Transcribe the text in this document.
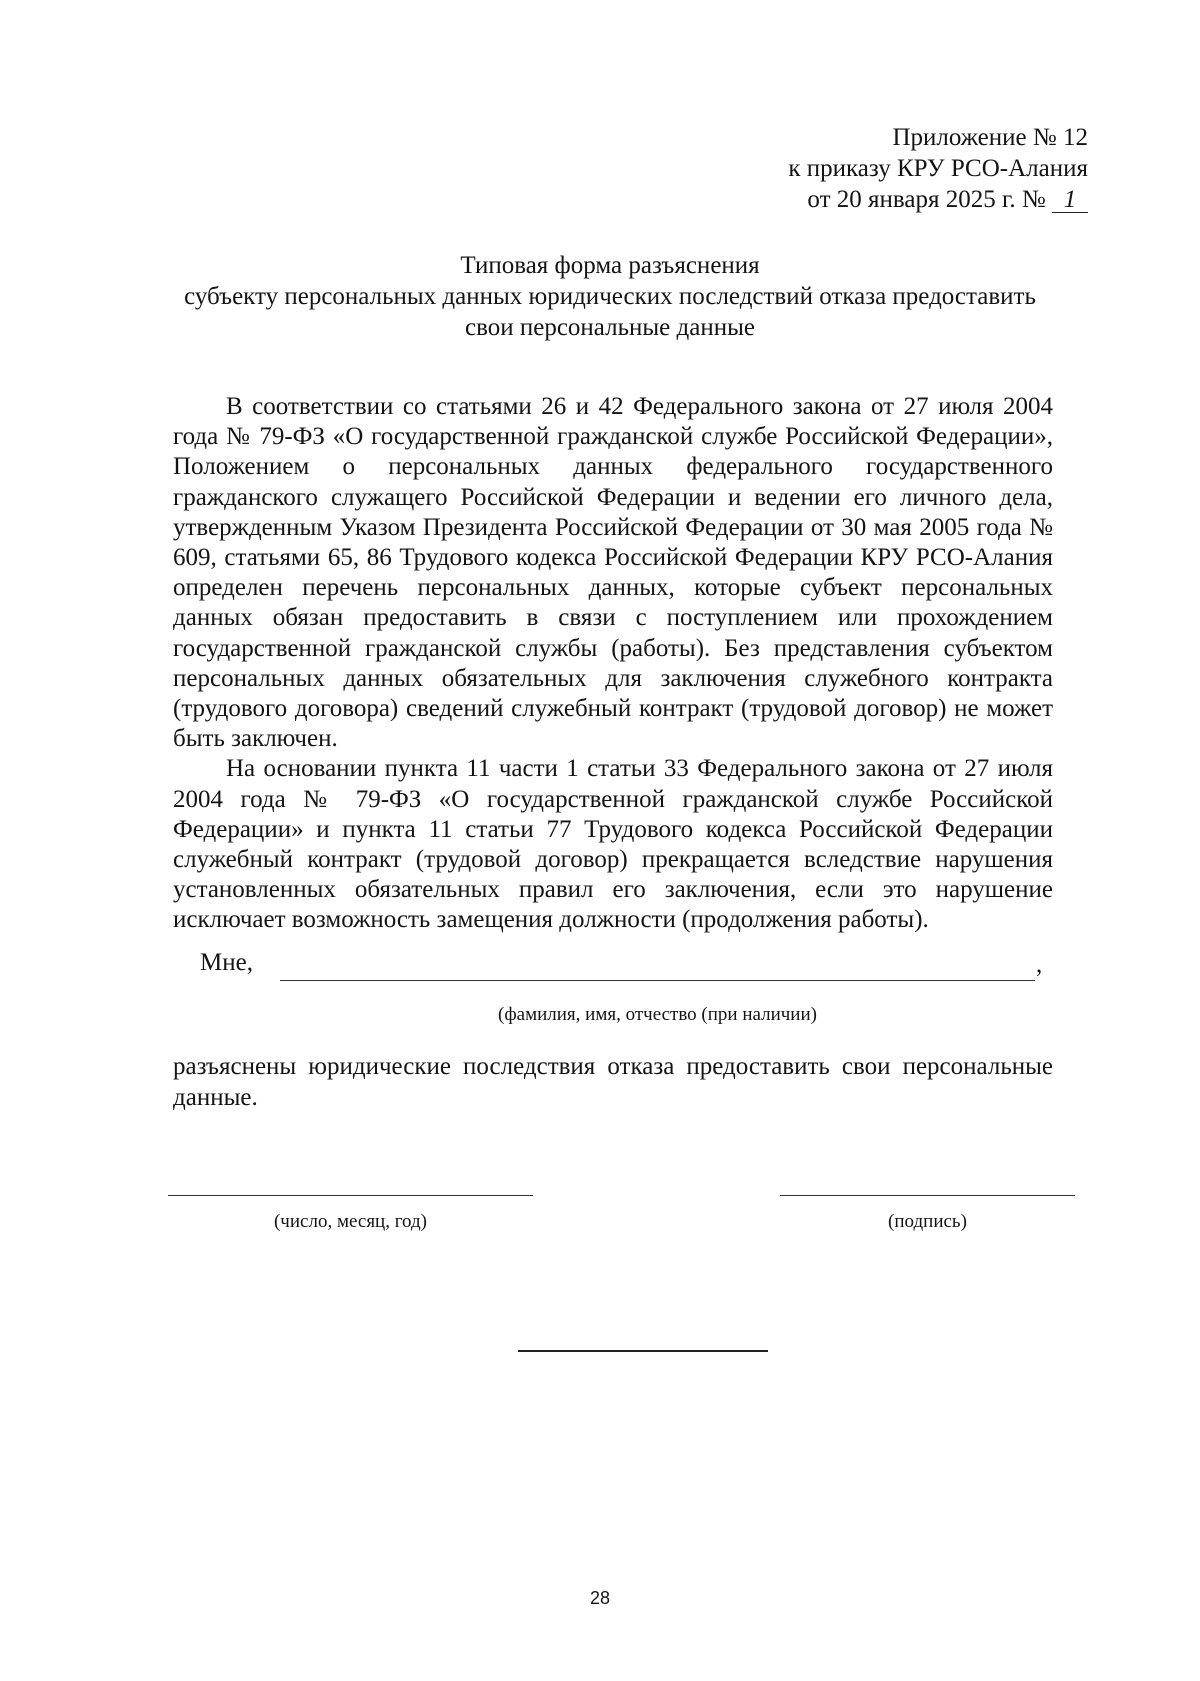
Приложение № 12
к приказу КРУ РСО-Алания
от 20 января 2025 г. № 1
Типовая форма разъяснения
субъекту персональных данных юридических последствий отказа предоставить
свои персональные данные

В соответствии со статьями 26 и 42 Федерального закона от 27 июля 2004 года № 79-ФЗ «О государственной гражданской службе Российской Федерации», Положением о персональных данных федерального государственного гражданского служащего Российской Федерации и ведении его личного дела, утвержденным Указом Президента Российской Федерации от 30 мая 2005 года № 609, статьями 65, 86 Трудового кодекса Российской Федерации КРУ РСО-Алания определен перечень персональных данных, которые субъект персональных данных обязан предоставить в связи с поступлением или прохождением государственной гражданской службы (работы). Без представления субъектом персональных данных обязательных для заключения служебного контракта (трудового договора) сведений служебный контракт (трудовой договор) не может быть заключен.

На основании пункта 11 части 1 статьи 33 Федерального закона от 27 июля 2004 года № 79-ФЗ «О государственной гражданской службе Российской Федерации» и пункта 11 статьи 77 Трудового кодекса Российской Федерации служебный контракт (трудовой договор) прекращается вследствие нарушения установленных обязательных правил его заключения, если это нарушение исключает возможность замещения должности (продолжения работы).

Мне,	,
(фамилия, имя, отчество (при наличии)
разъяснены юридические последствия отказа предоставить свои персональные данные.
(число, месяц, год)	(подпись)
28
